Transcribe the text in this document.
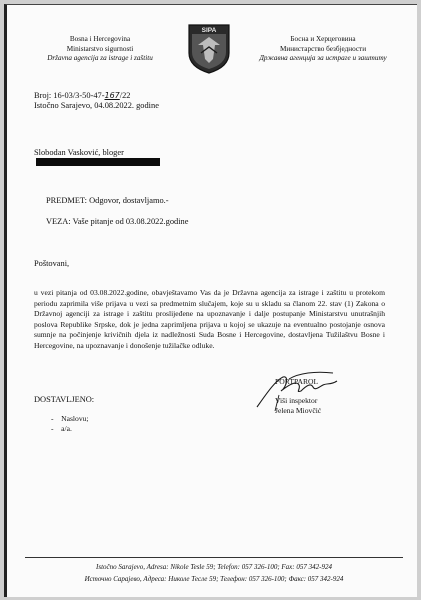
Bosna i Hercegovina
Ministarstvo sigurnosti
Državna agencija za istrage i zaštitu
SIPA
Босна и Херцеговина
Министарство безбједности
Државна агенција за истраге и заштиту
Broj: 16-03/3-50-47-167/22
Istočno Sarajevo, 04.08.2022. godine
Slobodan Vasković, bloger
PREDMET: Odgovor, dostavljamo.-
VEZA: Vaše pitanje od 03.08.2022.godine
Poštovani,

u vezi pitanja od 03.08.2022.godine, obavještavamo Vas da je Državna agencija za istrage i zaštitu u protekom periodu zaprimila više prijava u vezi sa predmetnim slučajem, koje su u skladu sa članom 22. stav (1) Zakona o Državnoj agenciji za istrage i zaštitu proslijeđene na upoznavanje i dalje postupanje Ministarstvu unutrašnjih poslova Republike Srpske, dok je jedna zaprimljena prijava u kojoj se ukazuje na eventualno postojanje osnova sumnje na počinjenje krivičnih djela iz nadležnosti Suda Bosne i Hercegovine, dostavljena Tužilaštvu Bosne i Hercegovine, na upoznavanje i donošenje tužilačke odluke.

DOSTAVLJENO:
-    Naslovu;
-    a/a.
PORTPAROL
Viši inspektor
Jelena Miovčić
Istočno Sarajevo, Adresa: Nikole Tesle 59; Telefon: 057 326-100; Fax: 057 342-924
Источно Сарајево, Адреса: Николе Тесле 59; Телефон: 057 326-100; Факс: 057 342-924
